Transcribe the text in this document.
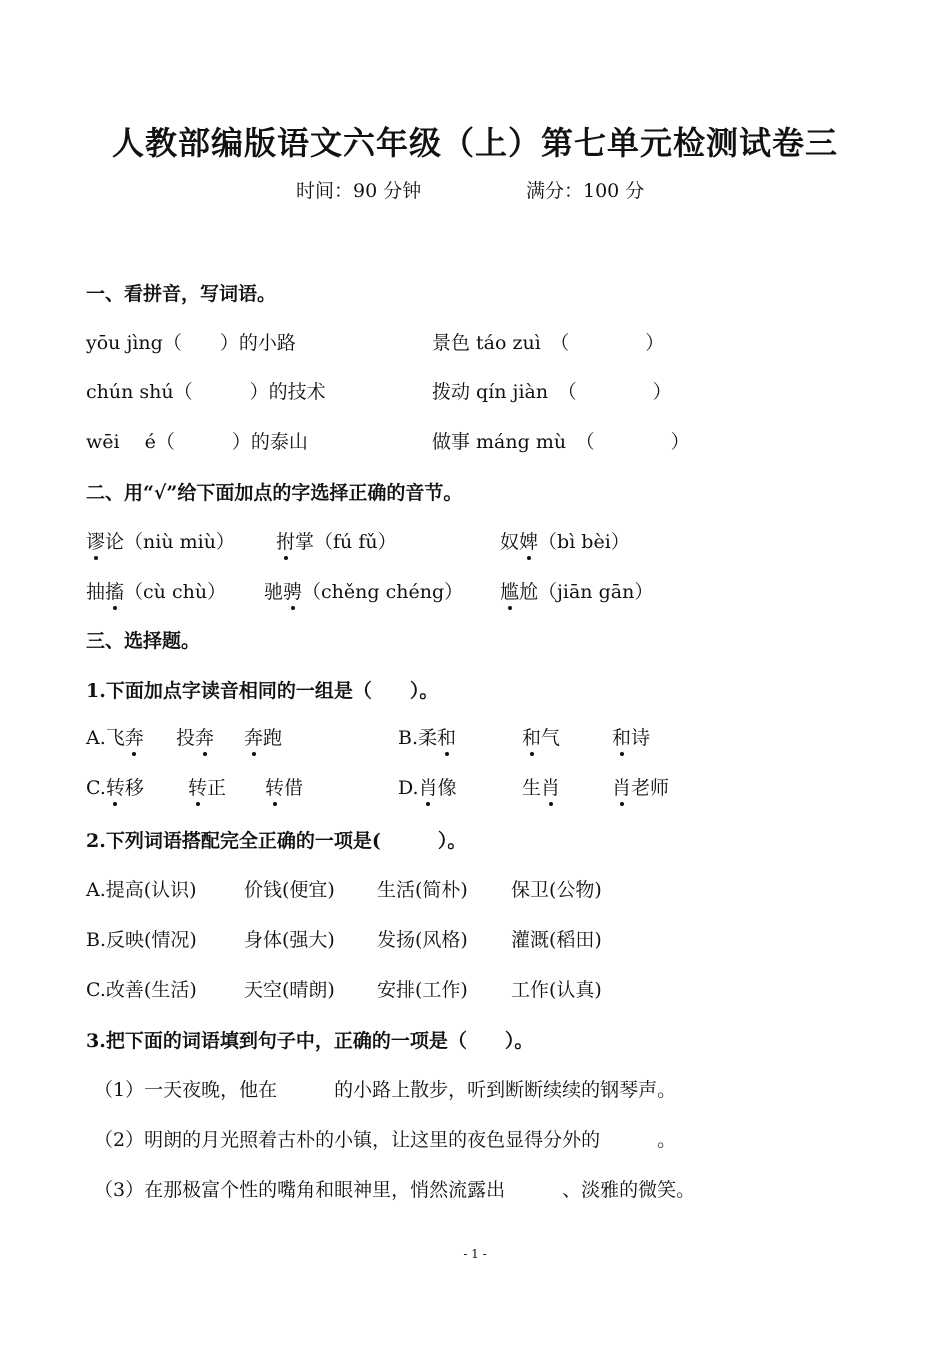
人教部编版语文六年级（上）第七单元检测试卷三
时间：90 分钟	满分：100 分
一、看拼音，写词语。
yōu jìng（　　）的小路	景色 táo zuì　（　　　　）
chún shú（　　　）的技术	拨动 qín jiàn　（　　　　）
wēi　 é（　　　）的泰山	做事 máng mù　（　　　　）
二、用“√”给下面加点的字选择正确的音节。
谬论（niù miù） 拊掌（fú fǔ）	奴婢（bì bèi）
抽搐（cù chù） 驰骋（chěng chéng） 尴尬（jiān gān）
三、选择题。
1.下面加点字读音相同的一组是（　　）。
A.飞奔 投奔 奔跑	B.柔和	和气	和诗
C.转移 转正 转借	D.肖像	生肖	肖老师
2.下列词语搭配完全正确的一项是(　　　）。
A.提高(认识) 价钱(便宜) 生活(简朴) 保卫(公物)
B.反映(情况) 身体(强大) 发扬(风格) 灌溉(稻田)
C.改善(生活) 天空(晴朗) 安排(工作) 工作(认真)
3.把下面的词语填到句子中，正确的一项是（　　）。
（1）一天夜晚，他在　　　的小路上散步，听到断断续续的钢琴声。
（2）明朗的月光照着古朴的小镇，让这里的夜色显得分外的　　　。
（3）在那极富个性的嘴角和眼神里，悄然流露出　　　、淡雅的微笑。
- 1 -
